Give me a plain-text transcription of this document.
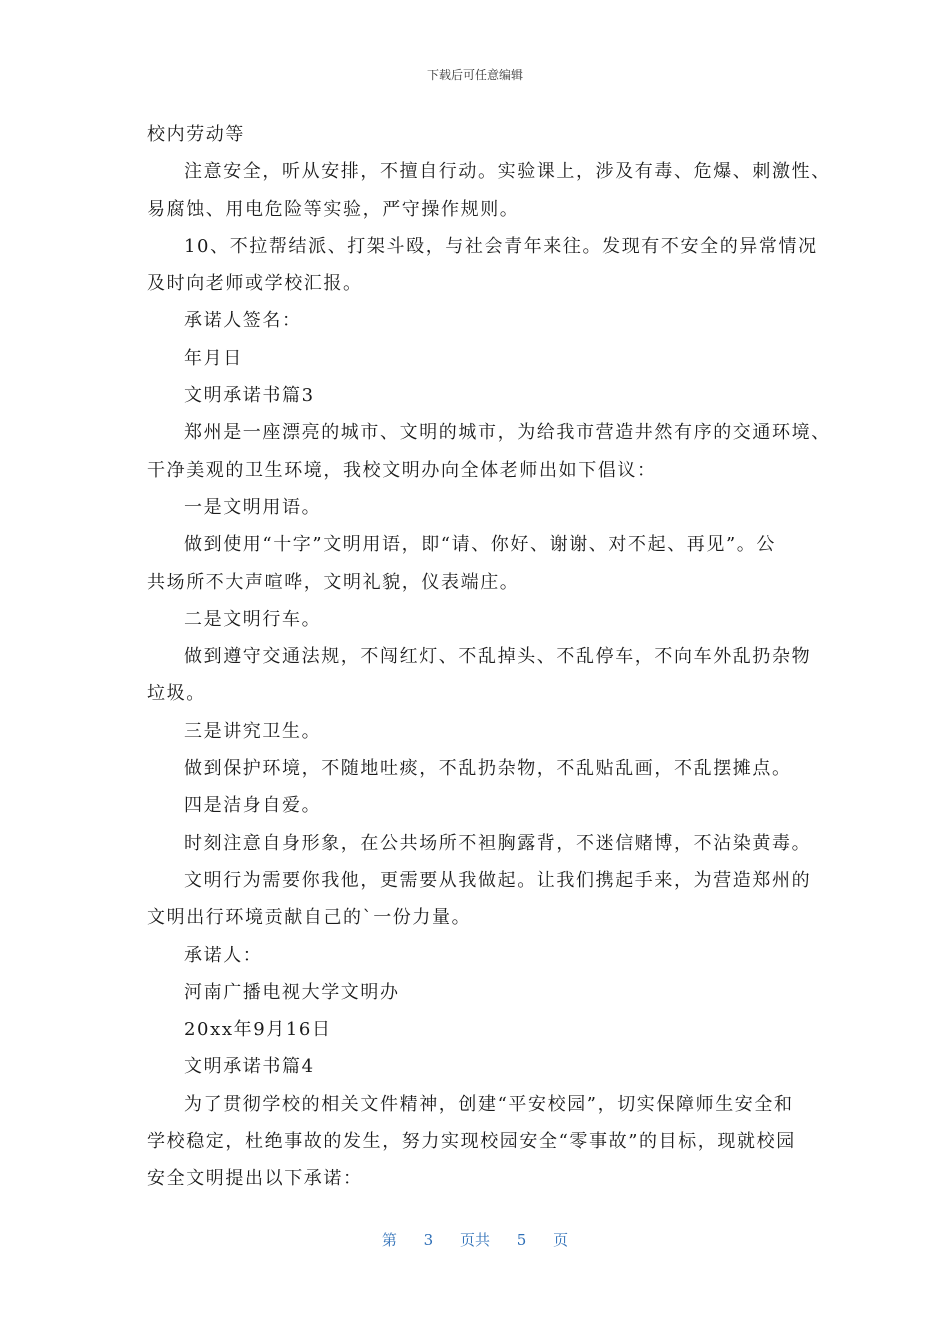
下载后可任意编辑
校内劳动等
注意安全，听从安排，不擅自行动。实验课上，涉及有毒、危爆、刺激性、
易腐蚀、用电危险等实验，严守操作规则。
10、不拉帮结派、打架斗殴，与社会青年来往。发现有不安全的异常情况
及时向老师或学校汇报。
承诺人签名：
年月日
文明承诺书篇3
郑州是一座漂亮的城市、文明的城市，为给我市营造井然有序的交通环境、
干净美观的卫生环境，我校文明办向全体老师出如下倡议：
一是文明用语。
做到使用“十字”文明用语，即“请、你好、谢谢、对不起、再见”。公
共场所不大声喧哗，文明礼貌，仪表端庄。
二是文明行车。
做到遵守交通法规，不闯红灯、不乱掉头、不乱停车，不向车外乱扔杂物
垃圾。
三是讲究卫生。
做到保护环境，不随地吐痰，不乱扔杂物，不乱贴乱画，不乱摆摊点。
四是洁身自爱。
时刻注意自身形象，在公共场所不袒胸露背，不迷信赌博，不沾染黄毒。
文明行为需要你我他，更需要从我做起。让我们携起手来，为营造郑州的
文明出行环境贡献自己的`一份力量。
承诺人：
河南广播电视大学文明办
20xx年9月16日
文明承诺书篇4
为了贯彻学校的相关文件精神，创建“平安校园”，切实保障师生安全和
学校稳定，杜绝事故的发生，努力实现校园安全“零事故”的目标，现就校园
安全文明提出以下承诺：
第 3 页共 5 页
